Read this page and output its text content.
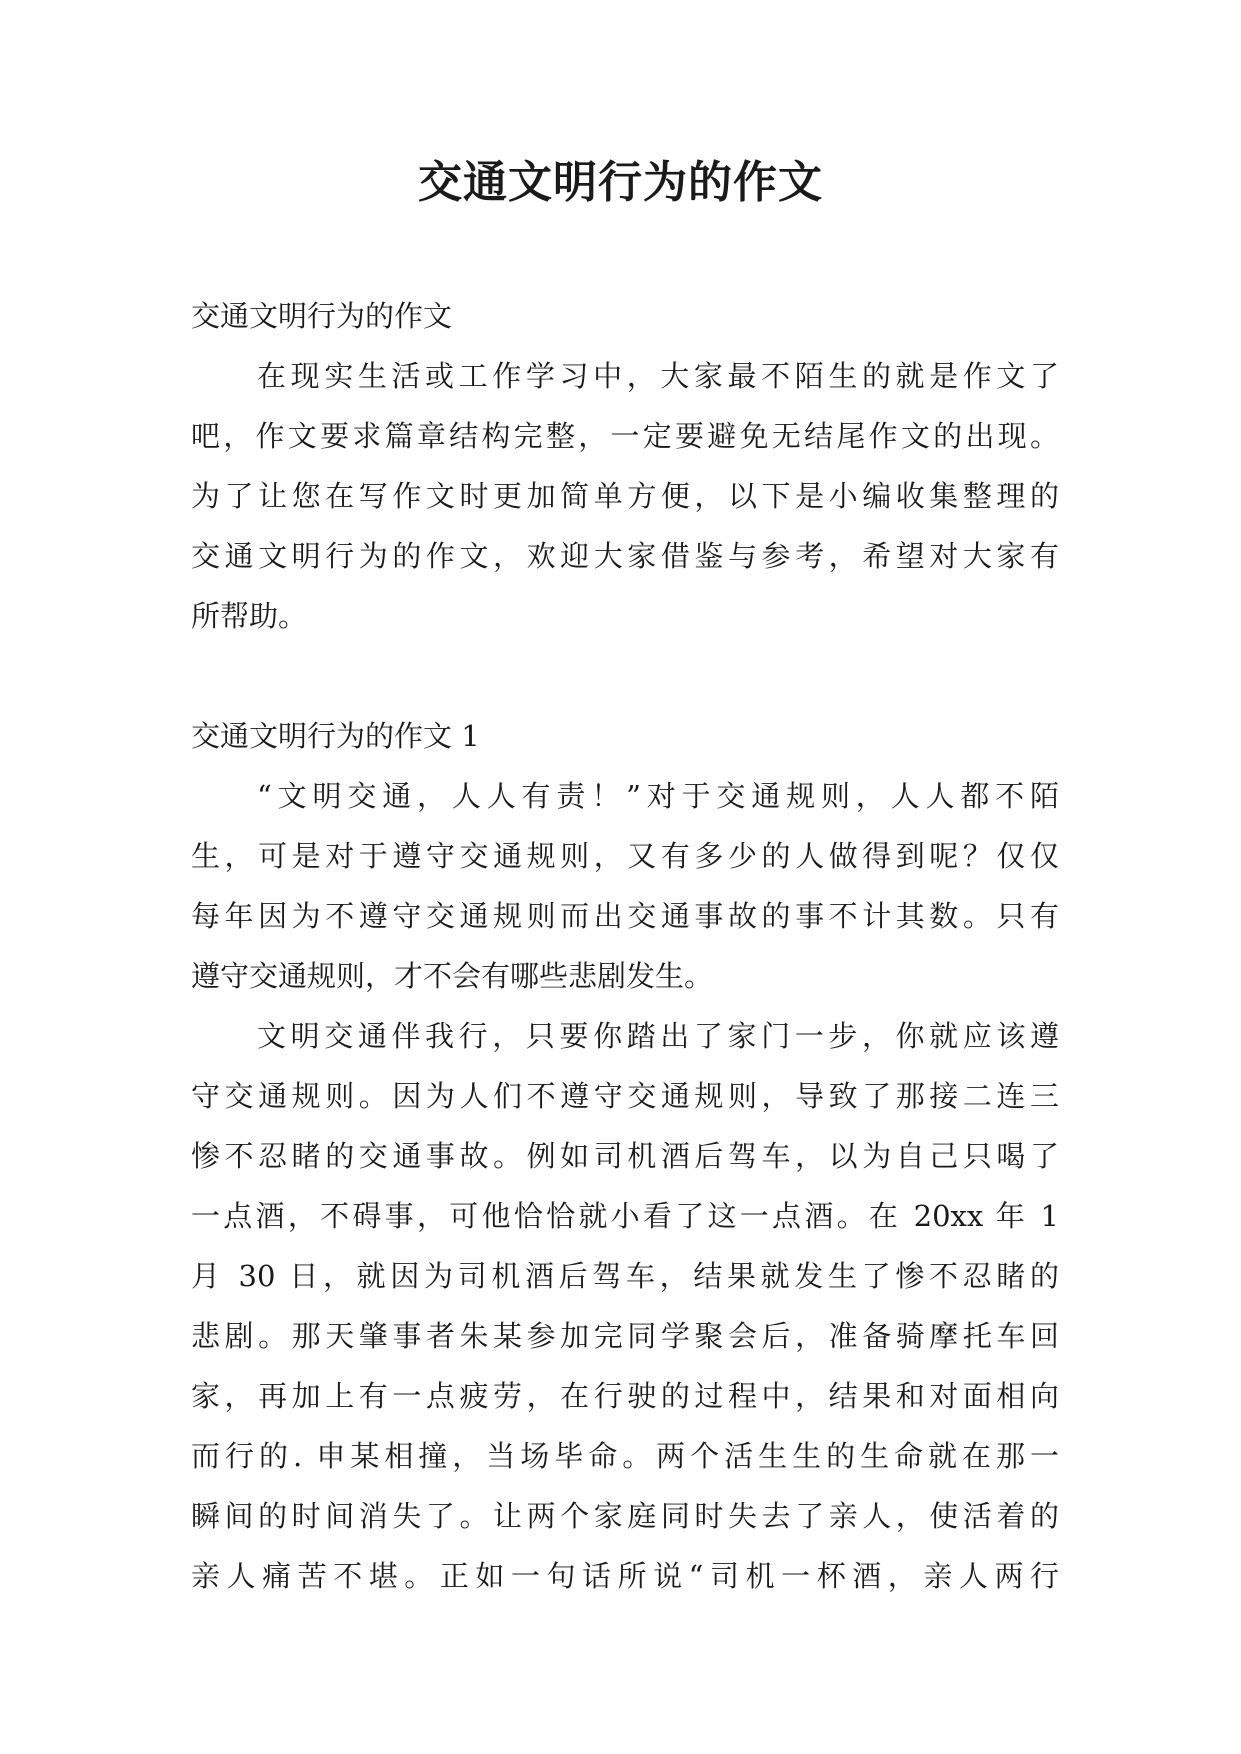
交通文明行为的作文
交通文明行为的作文
在现实生活或工作学习中，大家最不陌生的就是作文了
吧，作文要求篇章结构完整，一定要避免无结尾作文的出现。
为了让您在写作文时更加简单方便，以下是小编收集整理的
交通文明行为的作文，欢迎大家借鉴与参考，希望对大家有
所帮助。
交通文明行为的作文 1
“文明交通，人人有责！”对于交通规则，人人都不陌
生，可是对于遵守交通规则，又有多少的人做得到呢？仅仅
每年因为不遵守交通规则而出交通事故的事不计其数。只有
遵守交通规则，才不会有哪些悲剧发生。
文明交通伴我行，只要你踏出了家门一步，你就应该遵
守交通规则。因为人们不遵守交通规则，导致了那接二连三
惨不忍睹的交通事故。例如司机酒后驾车，以为自己只喝了
一点酒，不碍事，可他恰恰就小看了这一点酒。在 20xx 年 1
月 30 日，就因为司机酒后驾车，结果就发生了惨不忍睹的
悲剧。那天肇事者朱某参加完同学聚会后，准备骑摩托车回
家，再加上有一点疲劳，在行驶的过程中，结果和对面相向
而行的. 申某相撞，当场毕命。两个活生生的生命就在那一
瞬间的时间消失了。让两个家庭同时失去了亲人，使活着的
亲人痛苦不堪。正如一句话所说“司机一杯酒，亲人两行
